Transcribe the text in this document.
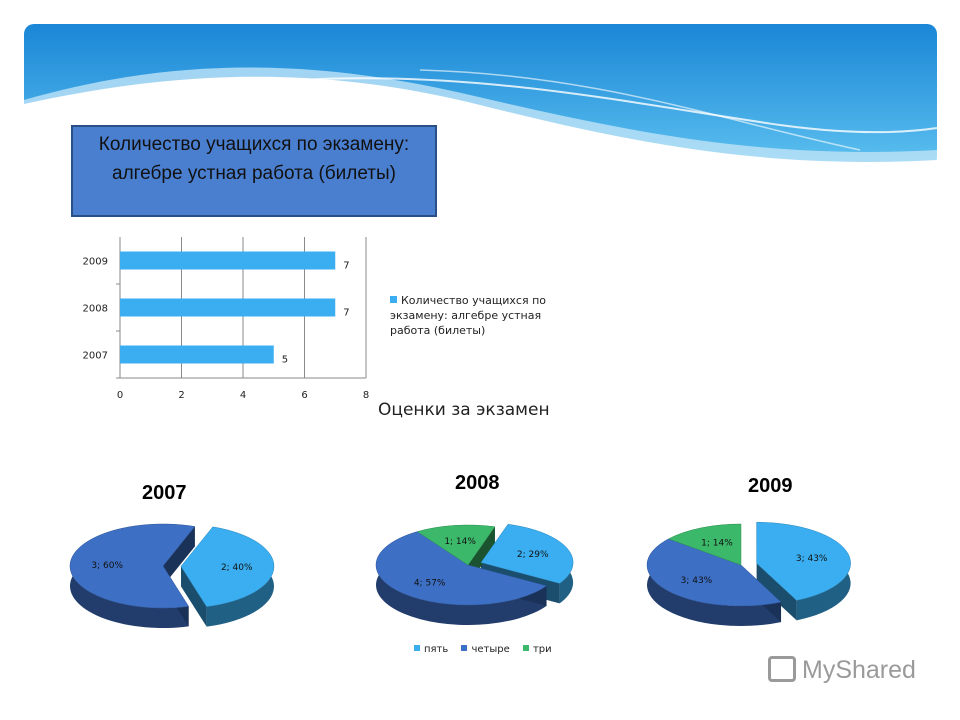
Количество учащихся по экзамену: алгебре устная работа (билеты)
0	2	4	6	8
2007	5
2008	7
2009	7
Количество учащихся по экзамену: алгебре устная работа (билеты)
Оценки за экзамен
2007	2008	2009
2; 40%
3; 60%
2; 29%
4; 57%
1; 14%
3; 43%
3; 43%
1; 14%
пять четыре три
MyShared
